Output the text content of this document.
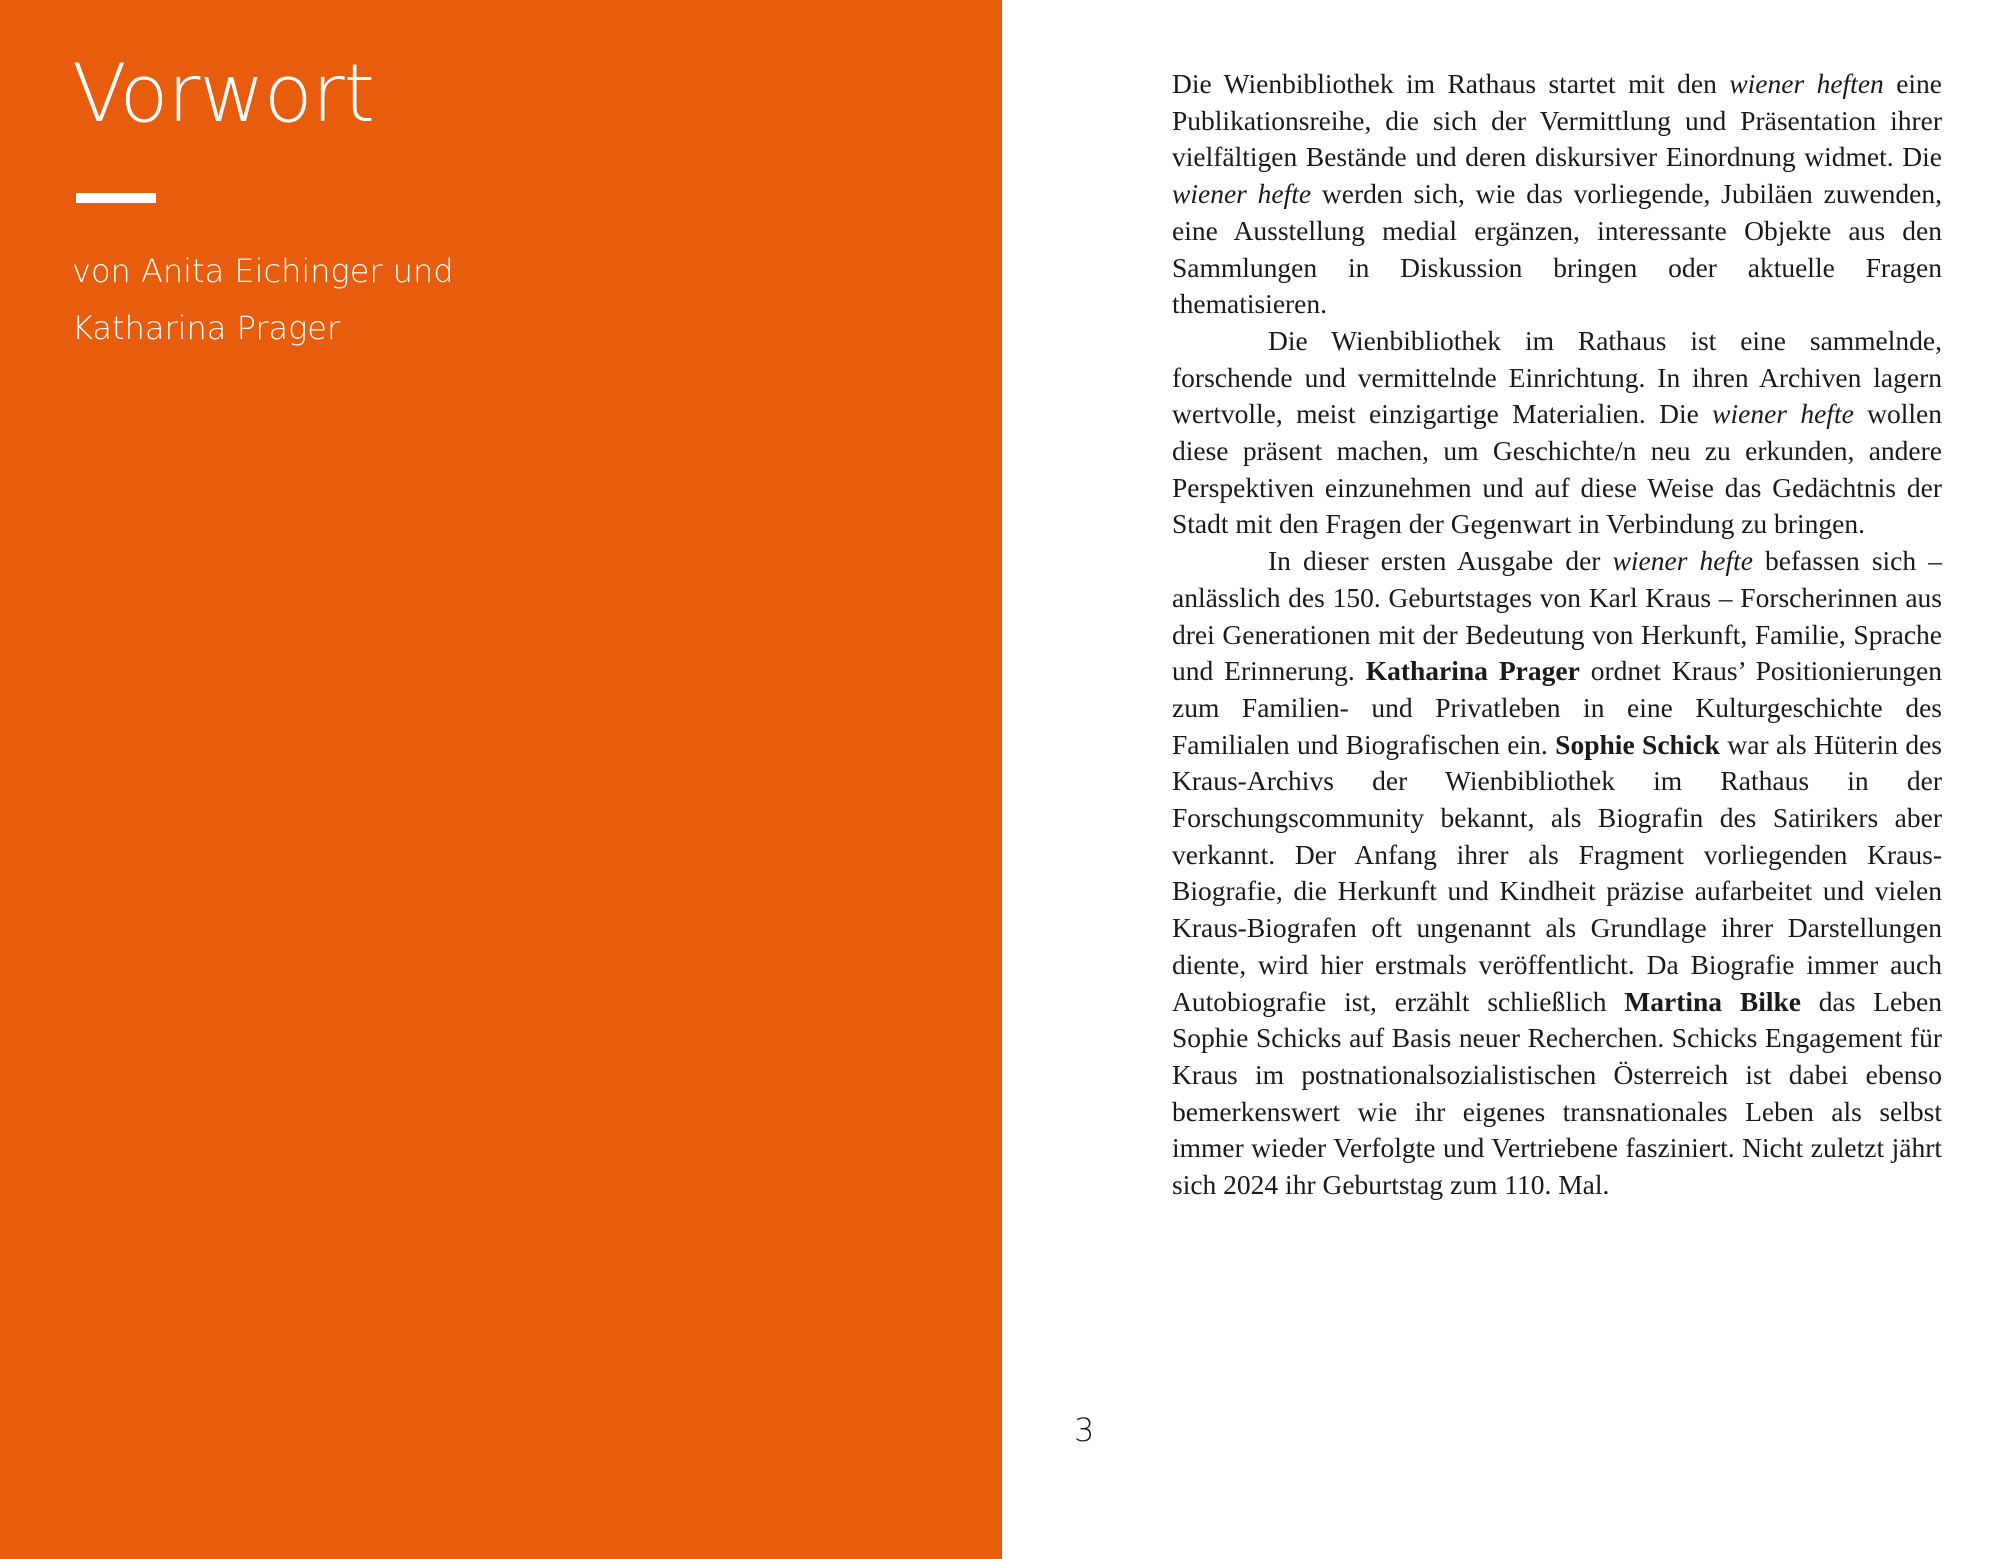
Vorwort
von Anita Eichinger und
Katharina Prager

Die Wienbibliothek im Rathaus startet mit den wiener heften eine Publikationsreihe, die sich der Vermittlung und Präsentation ihrer vielfältigen Bestände und deren diskursiver Einordnung widmet. Die wiener hefte werden sich, wie das vorliegende, Jubiläen zuwenden, eine Ausstellung medial ergänzen, interessante Objekte aus den Sammlungen in Diskussion bringen oder aktuelle Fragen thematisieren.

Die Wienbibliothek im Rathaus ist eine sammelnde, forschende und vermittelnde Einrichtung. In ihren Archiven lagern wertvolle, meist einzigartige Materialien. Die wiener hefte wollen diese präsent machen, um Geschichte/n neu zu erkunden, andere Perspektiven einzunehmen und auf diese Weise das Gedächtnis der Stadt mit den Fragen der Gegenwart in Verbindung zu bringen.

In dieser ersten Ausgabe der wiener hefte befassen sich – anlässlich des 150. Geburtstages von Karl Kraus – Forscherinnen aus drei Generationen mit der Bedeutung von Herkunft, Familie, Sprache und Erinnerung. Katharina Prager ordnet Kraus’ Positionierungen zum Familien- und Privatleben in eine Kulturgeschichte des Familialen und Biografischen ein. Sophie Schick war als Hüterin des Kraus-Archivs der Wienbibliothek im Rathaus in der Forschungscommunity bekannt, als Biografin des Satirikers aber verkannt. Der Anfang ihrer als Fragment vorliegenden Kraus-Biografie, die Herkunft und Kindheit präzise aufarbeitet und vielen Kraus-Biografen oft ungenannt als Grundlage ihrer Darstellungen diente, wird hier erstmals veröffentlicht. Da Biografie immer auch Autobiografie ist, erzählt schließlich Martina Bilke das Leben Sophie Schicks auf Basis neuer Recherchen. Schicks Engagement für Kraus im postnationalsozialistischen Österreich ist dabei ebenso bemerkenswert wie ihr eigenes transnationales Leben als selbst immer wieder Verfolgte und Vertriebene fasziniert. Nicht zuletzt jährt sich 2024 ihr Geburtstag zum 110. Mal.

3
